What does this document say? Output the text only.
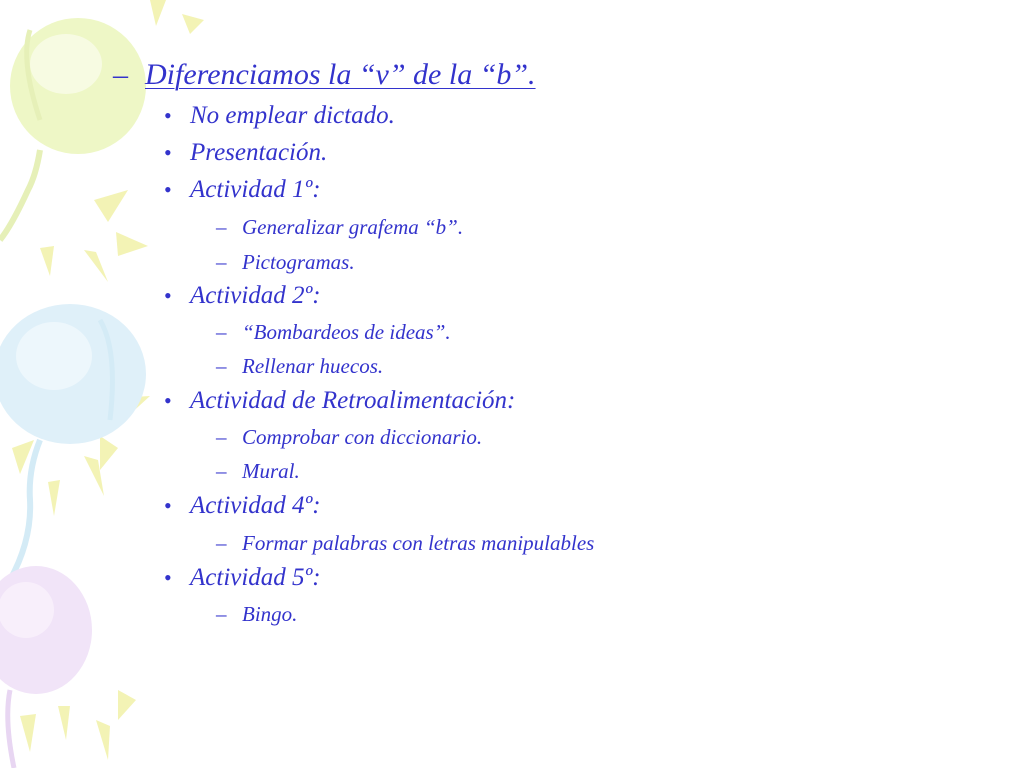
– Diferenciamos la “v” de la “b”.
• No emplear dictado.
• Presentación.
• Actividad 1º:
– Generalizar grafema “b”.
– Pictogramas.
• Actividad 2º:
– “Bombardeos de ideas”.
– Rellenar huecos.
• Actividad de Retroalimentación:
– Comprobar con diccionario.
– Mural.
• Actividad 4º:
– Formar palabras con letras manipulables
• Actividad 5º:
– Bingo.
